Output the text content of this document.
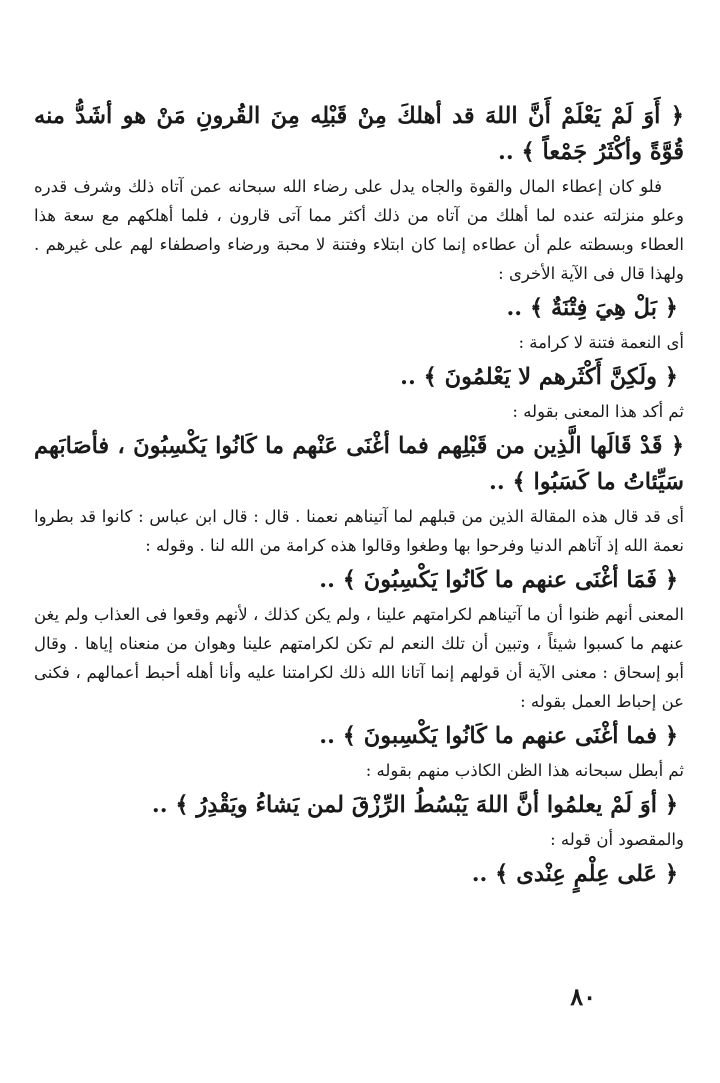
﴿ أَوَ لَمْ يَعْلَمْ أَنَّ اللهَ قد أهلكَ مِنْ قَبْلِه مِنَ القُرونِ مَنْ هو أشَدُّ منه قُوَّةً وأكْثَرُ جَمْعاً ﴾ ..

فلو كان إعطاء المال والقوة والجاه يدل على رضاء الله سبحانه عمن آتاه ذلك وشرف قدره وعلو منزلته عنده لما أهلك من آتاه من ذلك أكثر مما آتى قارون ، فلما أهلكهم مع سعة هذا العطاء وبسطته علم أن عطاءه إنما كان ابتلاء وفتنة لا محبة ورضاء واصطفاء لهم على غيرهم . ولهذا قال فى الآية الأخرى :

﴿ بَلْ هِيَ فِتْنَةٌ ﴾ ..

أى النعمة فتنة لا كرامة :

﴿ ولَكِنَّ أَكْثَرهم لا يَعْلمُونَ ﴾ ..

ثم أكد هذا المعنى بقوله :

﴿ قَدْ قَالَها الَّذِين من قَبْلِهم فما أغْنَى عَنْهم ما كَانُوا يَكْسِبُونَ ، فأصَابَهم سَيِّئاتُ ما كَسَبُوا ﴾ ..

أى قد قال هذه المقالة الذين من قبلهم لما آتيناهم نعمنا . قال : قال ابن عباس : كانوا قد بطروا نعمة الله إذ آتاهم الدنيا وفرحوا بها وطغوا وقالوا هذه كرامة من الله لنا . وقوله :

﴿ فَمَا أغْنَى عنهم ما كَانُوا يَكْسِبُونَ ﴾ ..

المعنى أنهم ظنوا أن ما آتيناهم لكرامتهم علينا ، ولم يكن كذلك ، لأنهم وقعوا فى العذاب ولم يغن عنهم ما كسبوا شيئاً ، وتبين أن تلك النعم لم تكن لكرامتهم علينا وهوان من منعناه إياها . وقال أبو إسحاق : معنى الآية أن قولهم إنما آتانا الله ذلك لكرامتنا عليه وأنا أهله أحبط أعمالهم ، فكنى عن إحباط العمل بقوله :

﴿ فما أغْنَى عنهم ما كَانُوا يَكْسِبونَ ﴾ ..

ثم أبطل سبحانه هذا الظن الكاذب منهم بقوله :

﴿ أوَ لَمْ يعلمُوا أنَّ اللهَ يَبْسُطُ الرِّزْقَ لمن يَشاءُ ويَقْدِرُ ﴾ ..

والمقصود أن قوله :

﴿ عَلى عِلْمٍ عِنْدى ﴾ ..

٨٠
